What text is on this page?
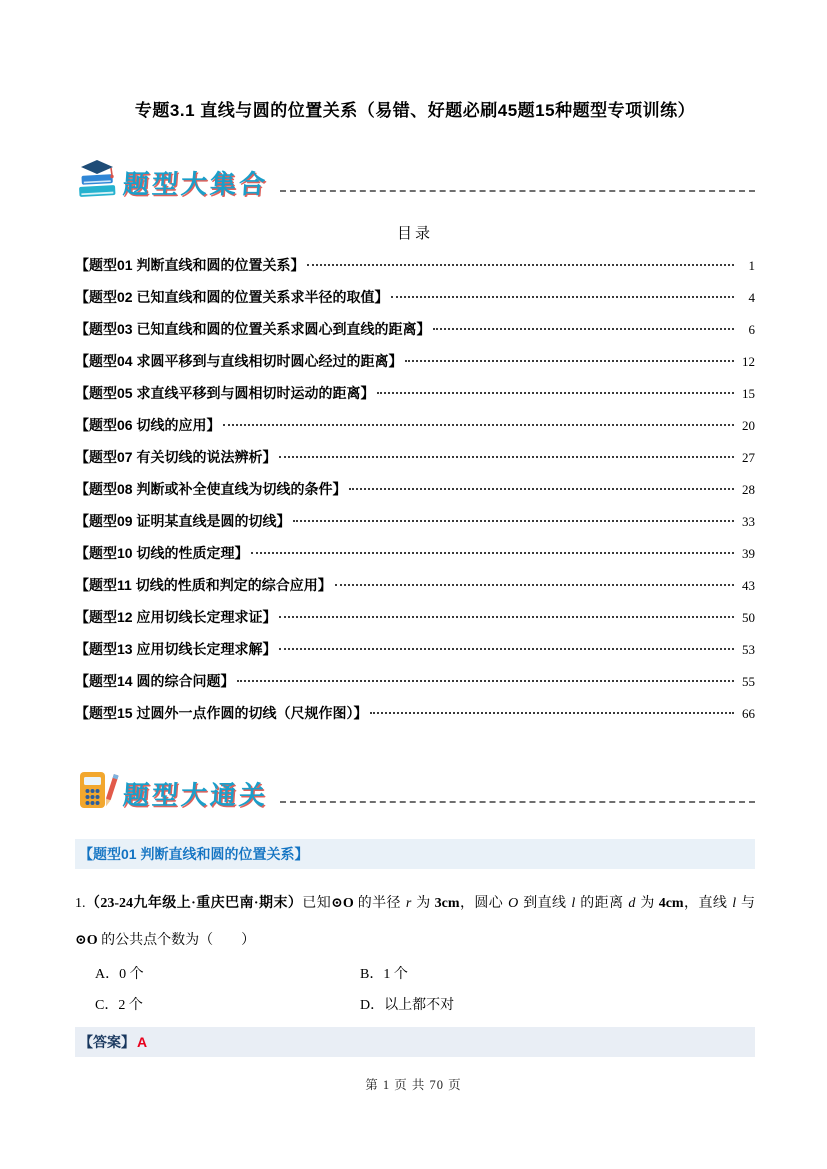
专题3.1 直线与圆的位置关系（易错、好题必刷45题15种题型专项训练）
题型大集合
目录
【题型01 判断直线和圆的位置关系】	1
【题型02 已知直线和圆的位置关系求半径的取值】	4
【题型03 已知直线和圆的位置关系求圆心到直线的距离】	6
【题型04 求圆平移到与直线相切时圆心经过的距离】	12
【题型05 求直线平移到与圆相切时运动的距离】	15
【题型06 切线的应用】	20
【题型07 有关切线的说法辨析】	27
【题型08 判断或补全使直线为切线的条件】	28
【题型09 证明某直线是圆的切线】	33
【题型10 切线的性质定理】	39
【题型11 切线的性质和判定的综合应用】	43
【题型12 应用切线长定理求证】	50
【题型13 应用切线长定理求解】	53
【题型14 圆的综合问题】	55
【题型15 过圆外一点作圆的切线（尺规作图）】	66
题型大通关
【题型01 判断直线和圆的位置关系】
1.（23-24九年级上·重庆巴南·期末）已知⊙O 的半径 r 为 3cm，圆心 O 到直线 l 的距离 d 为 4cm，直线 l 与⊙O 的公共点个数为（　　）
A．0 个	B．1 个
C．2 个	D．以上都不对
【答案】 A
第 1 页 共 70 页
